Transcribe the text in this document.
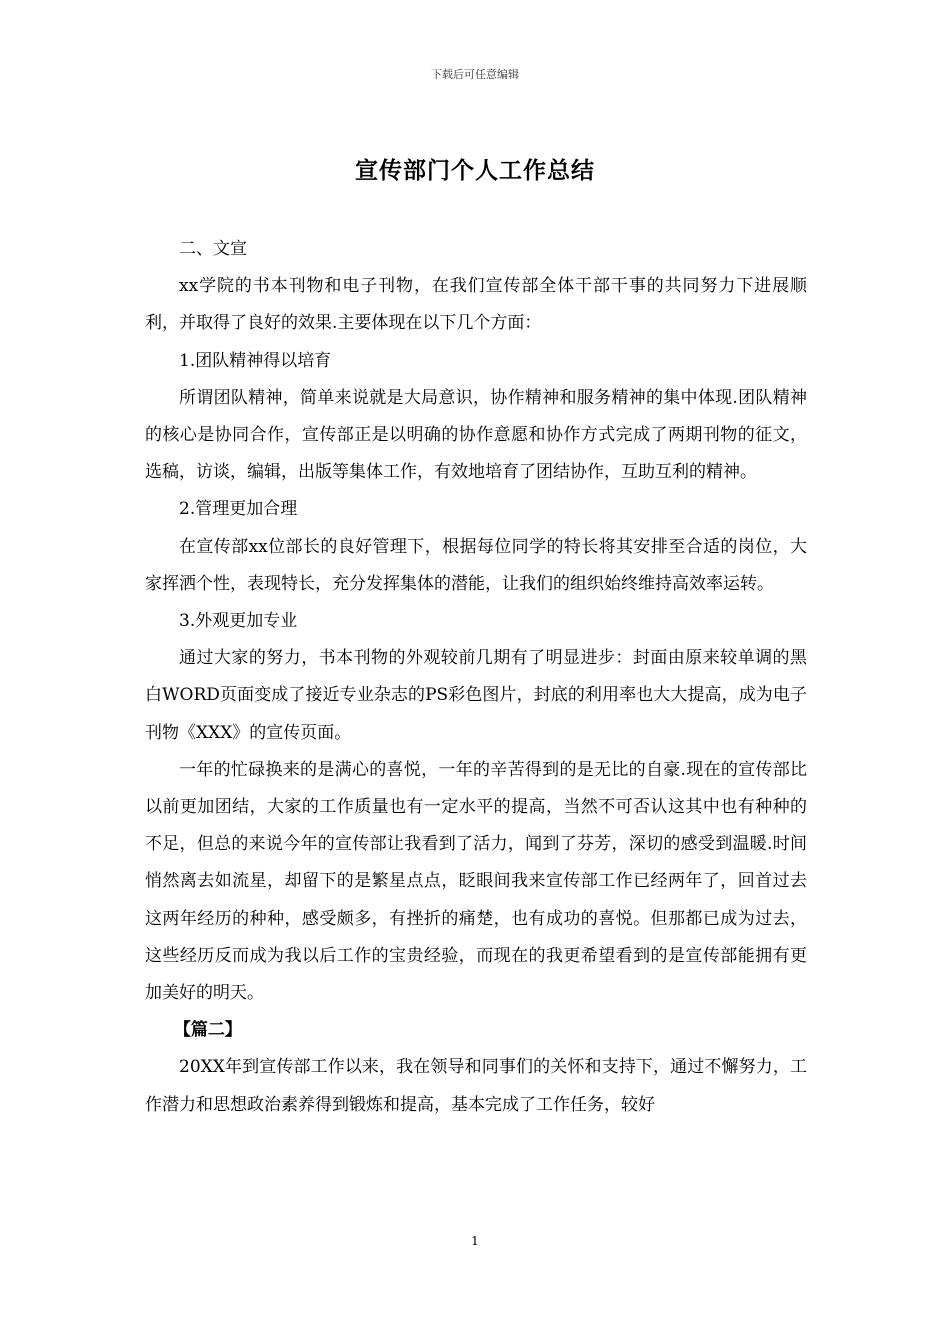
下载后可任意编辑
宣传部门个人工作总结

二、文宣

xx学院的书本刊物和电子刊物，在我们宣传部全体干部干事的共同努力下进展顺利，并取得了良好的效果.主要体现在以下几个方面：

1.团队精神得以培育

所谓团队精神，简单来说就是大局意识，协作精神和服务精神的集中体现.团队精神的核心是协同合作，宣传部正是以明确的协作意愿和协作方式完成了两期刊物的征文，选稿，访谈，编辑，出版等集体工作，有效地培育了团结协作，互助互利的精神。

2.管理更加合理

在宣传部xx位部长的良好管理下，根据每位同学的特长将其安排至合适的岗位，大家挥洒个性，表现特长，充分发挥集体的潜能，让我们的组织始终维持高效率运转。

3.外观更加专业

通过大家的努力，书本刊物的外观较前几期有了明显进步：封面由原来较单调的黑白WORD页面变成了接近专业杂志的PS彩色图片，封底的利用率也大大提高，成为电子刊物《XXX》的宣传页面。

一年的忙碌换来的是满心的喜悦，一年的辛苦得到的是无比的自豪.现在的宣传部比以前更加团结，大家的工作质量也有一定水平的提高，当然不可否认这其中也有种种的不足，但总的来说今年的宣传部让我看到了活力，闻到了芬芳，深切的感受到温暖.时间悄然离去如流星，却留下的是繁星点点，眨眼间我来宣传部工作已经两年了，回首过去这两年经历的种种，感受颇多，有挫折的痛楚，也有成功的喜悦。但那都已成为过去，这些经历反而成为我以后工作的宝贵经验，而现在的我更希望看到的是宣传部能拥有更加美好的明天。

【篇二】

20XX年到宣传部工作以来，我在领导和同事们的关怀和支持下，通过不懈努力，工作潜力和思想政治素养得到锻炼和提高，基本完成了工作任务，较好

1
